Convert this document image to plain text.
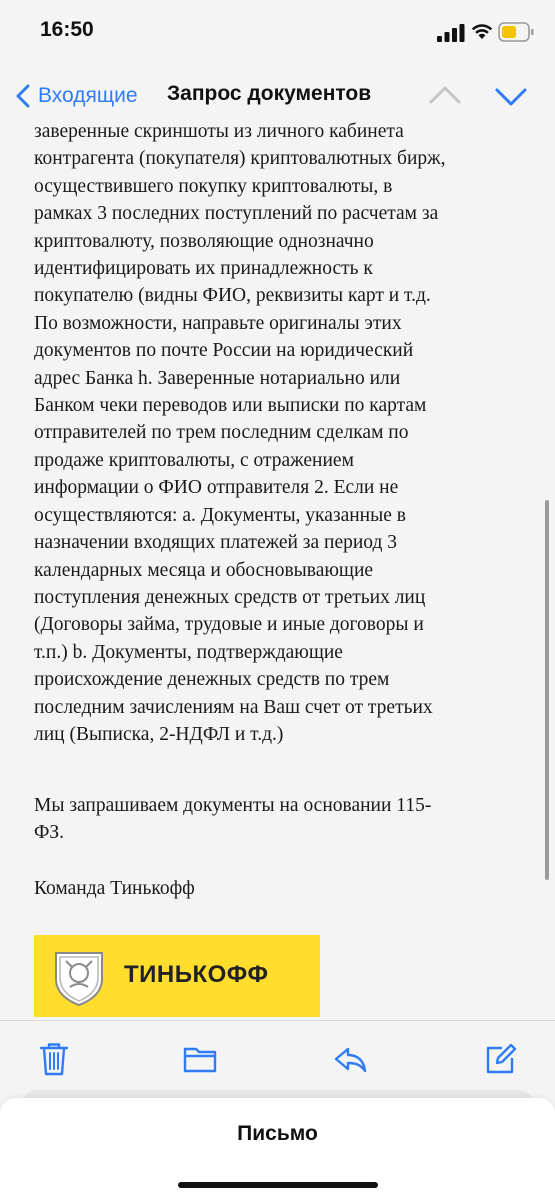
16:50
Входящие Запрос документов
заверенные скриншоты из личного кабинета
контрагента (покупателя) криптовалютных бирж,
осуществившего покупку криптовалюты, в
рамках 3 последних поступлений по расчетам за
криптовалюту, позволяющие однозначно
идентифицировать их принадлежность к
покупателю (видны ФИО, реквизиты карт и т.д.
По возможности, направьте оригиналы этих
документов по почте России на юридический
адрес Банка h. Заверенные нотариально или
Банком чеки переводов или выписки по картам
отправителей по трем последним сделкам по
продаже криптовалюты, с отражением
информации о ФИО отправителя 2. Если не
осуществляются: a. Документы, указанные в
назначении входящих платежей за период 3
календарных месяца и обосновывающие
поступления денежных средств от третьих лиц
(Договоры займа, трудовые и иные договоры и
т.п.) b. Документы, подтверждающие
происхождение денежных средств по трем
последним зачислениям на Ваш счет от третьих
лиц (Выписка, 2-НДФЛ и т.д.)
Мы запрашиваем документы на основании 115-
ФЗ.
Команда Тинькофф
ТИНЬКОФФ
Письмо
